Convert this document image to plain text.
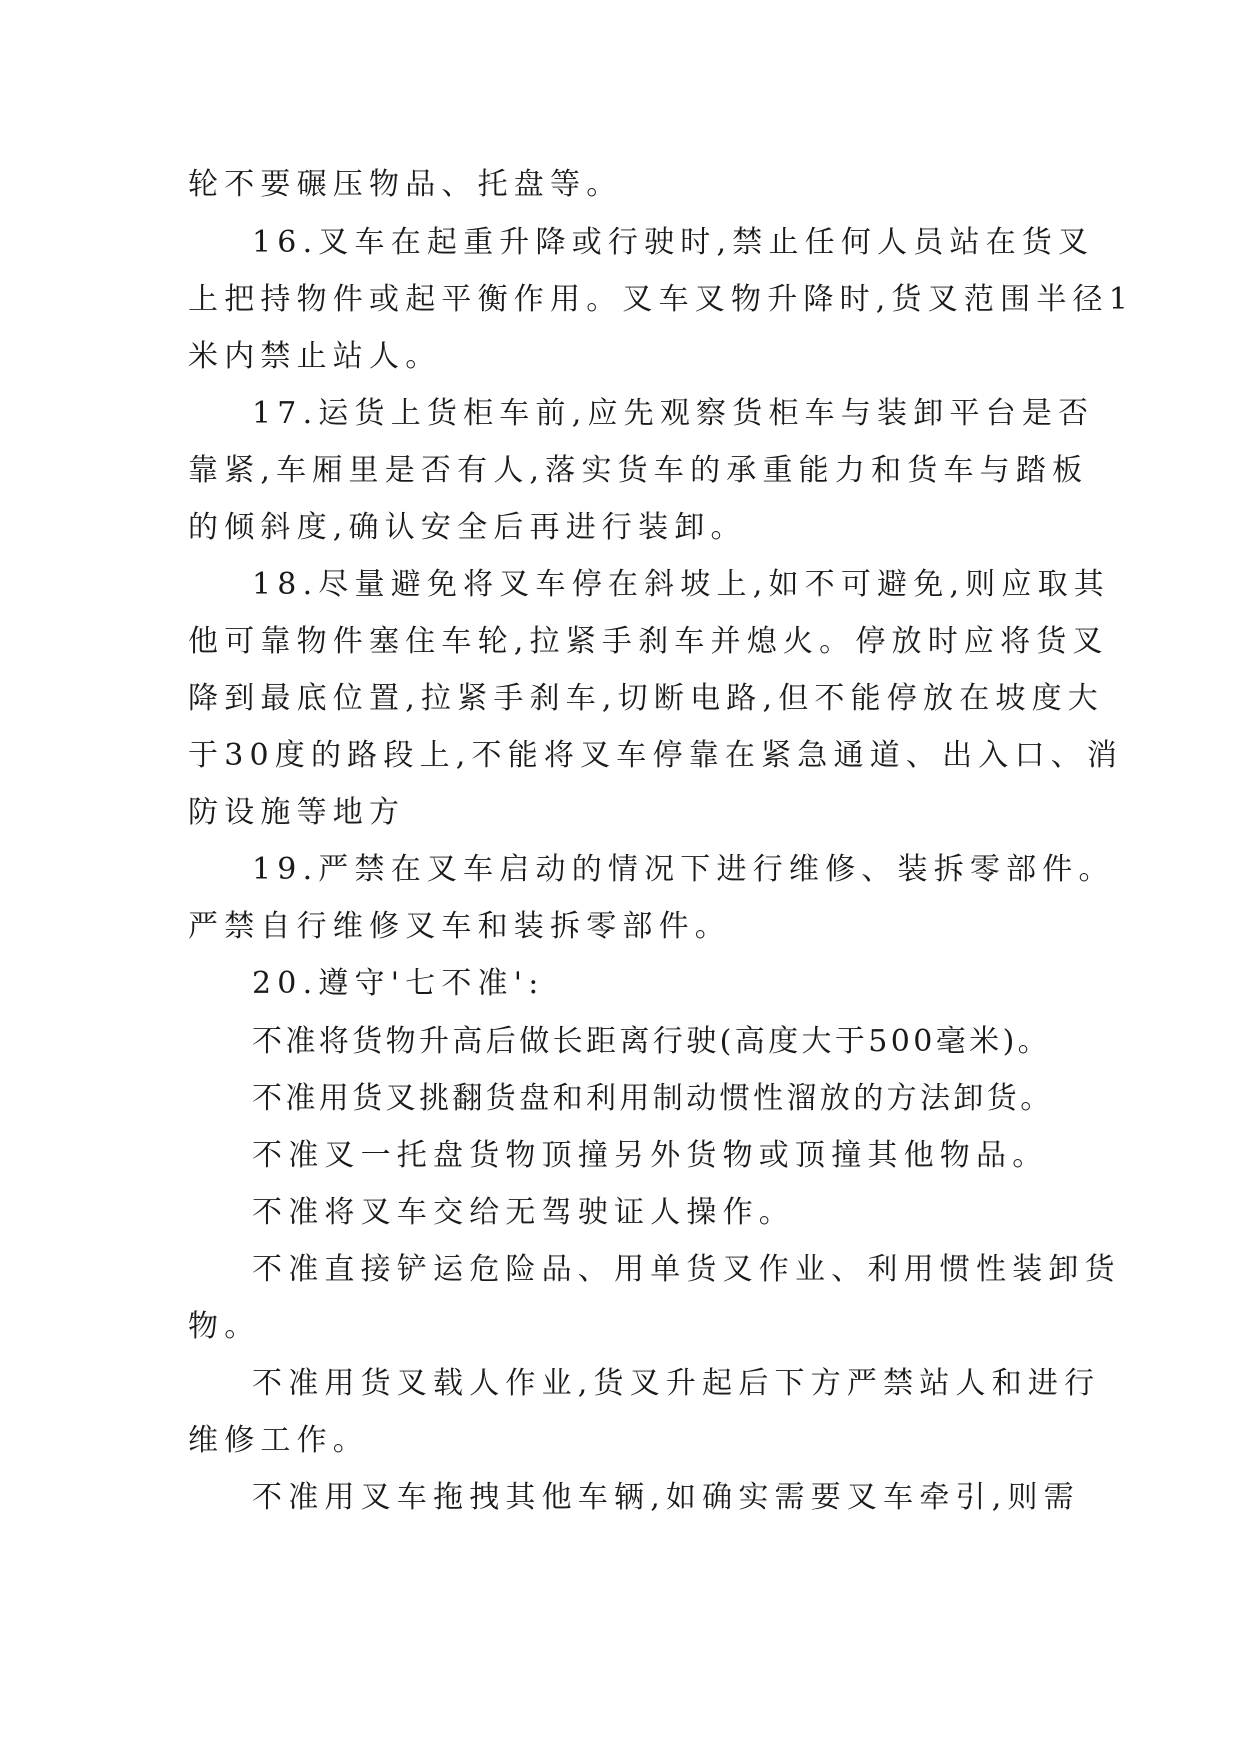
轮不要碾压物品、托盘等。
16.叉车在起重升降或行驶时,禁止任何人员站在货叉
上把持物件或起平衡作用。叉车叉物升降时,货叉范围半径1
米内禁止站人。
17.运货上货柜车前,应先观察货柜车与装卸平台是否
靠紧,车厢里是否有人,落实货车的承重能力和货车与踏板
的倾斜度,确认安全后再进行装卸。
18.尽量避免将叉车停在斜坡上,如不可避免,则应取其
他可靠物件塞住车轮,拉紧手刹车并熄火。停放时应将货叉
降到最底位置,拉紧手刹车,切断电路,但不能停放在坡度大
于30度的路段上,不能将叉车停靠在紧急通道、出入口、消
防设施等地方
19.严禁在叉车启动的情况下进行维修、装拆零部件。
严禁自行维修叉车和装拆零部件。
20.遵守'七不准':
不准将货物升高后做长距离行驶(高度大于500毫米)。
不准用货叉挑翻货盘和利用制动惯性溜放的方法卸货。
不准叉一托盘货物顶撞另外货物或顶撞其他物品。
不准将叉车交给无驾驶证人操作。
不准直接铲运危险品、用单货叉作业、利用惯性装卸货
物。
不准用货叉载人作业,货叉升起后下方严禁站人和进行
维修工作。
不准用叉车拖拽其他车辆,如确实需要叉车牵引,则需
